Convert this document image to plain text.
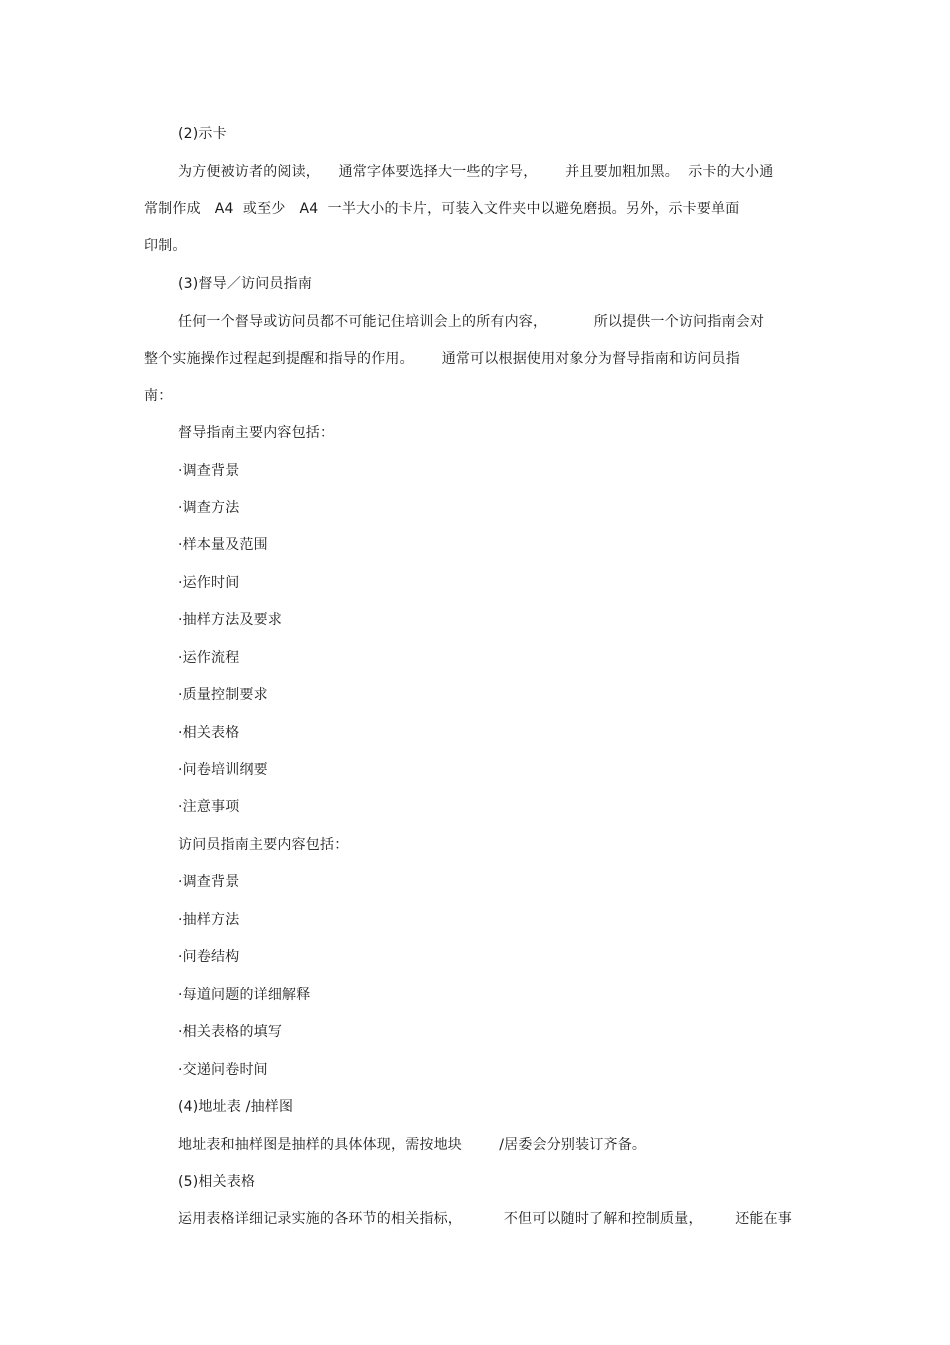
(2)示卡
为方便被访者的阅读，    通常字体要选择大一些的字号，      并且要加粗加黑。  示卡的大小通
常制作成   A4  或至少   A4  一半大小的卡片，可装入文件夹中以避免磨损。另外，示卡要单面
印制。
(3)督导／访问员指南
任何一个督导或访问员都不可能记住培训会上的所有内容，          所以提供一个访问指南会对
整个实施操作过程起到提醒和指导的作用。      通常可以根据使用对象分为督导指南和访问员指
南：
督导指南主要内容包括：
·调查背景
·调查方法
·样本量及范围
·运作时间
·抽样方法及要求
·运作流程
·质量控制要求
·相关表格
·问卷培训纲要
·注意事项
访问员指南主要内容包括：
·调查背景
·抽样方法
·问卷结构
·每道问题的详细解释
·相关表格的填写
·交递问卷时间
(4)地址表 /抽样图
地址表和抽样图是抽样的具体体现，需按地块        /居委会分别装订齐备。
(5)相关表格
运用表格详细记录实施的各环节的相关指标，         不但可以随时了解和控制质量，       还能在事
